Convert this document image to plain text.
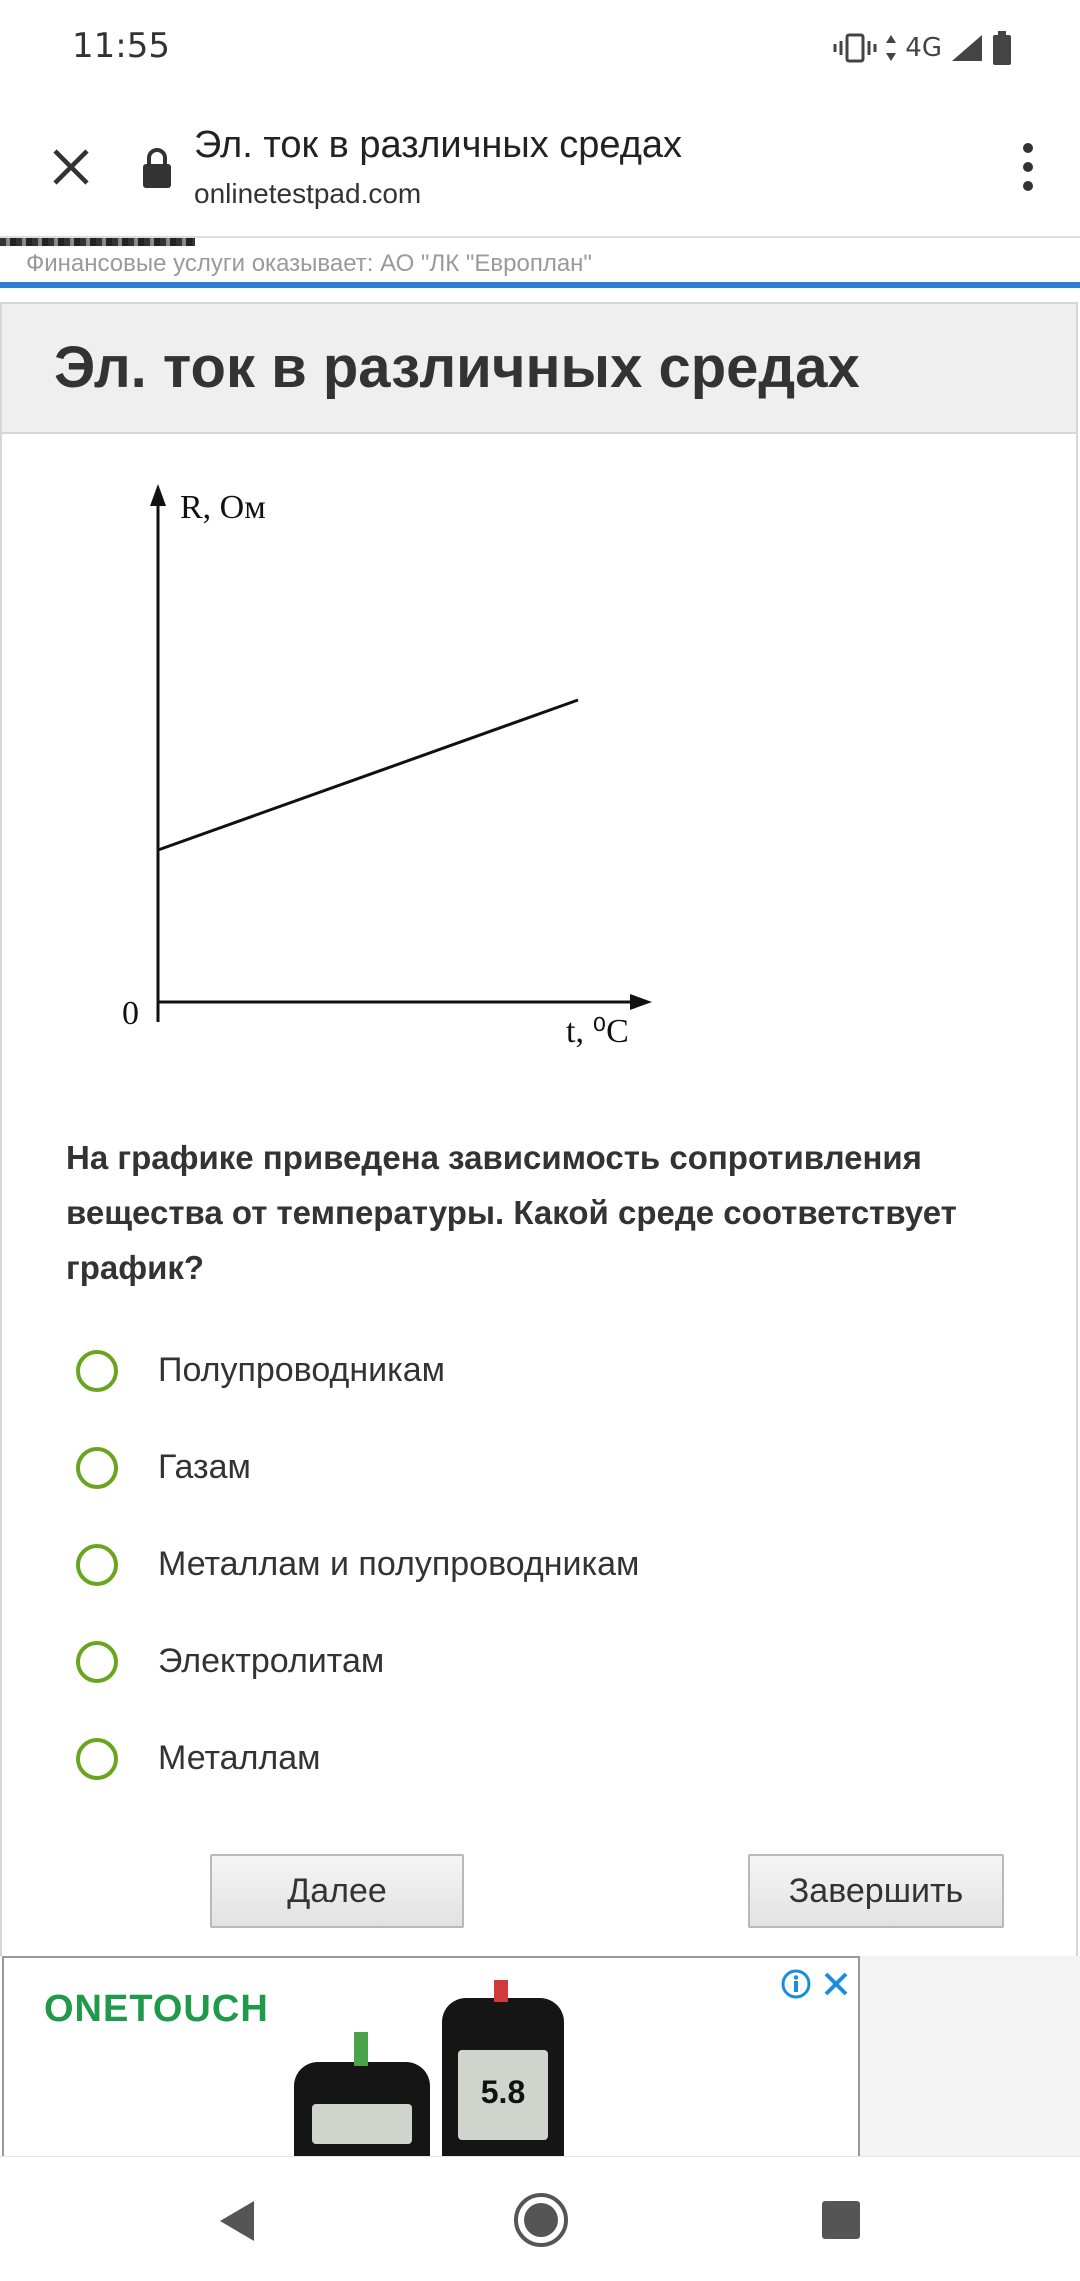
11:55	4G
Эл. ток в различных средах
onlinetestpad.com
Финансовые услуги оказывает: АО "ЛК "Европлан"
Эл. ток в различных средах
R, Ом
t, ⁰C
0
На графике приведена зависимость сопротивления вещества от температуры. Какой среде соответствует график?
Полупроводникам
Газам
Металлам и полупроводникам
Электролитам
Металлам
Далее	Завершить
ONETOUCH
5.8
